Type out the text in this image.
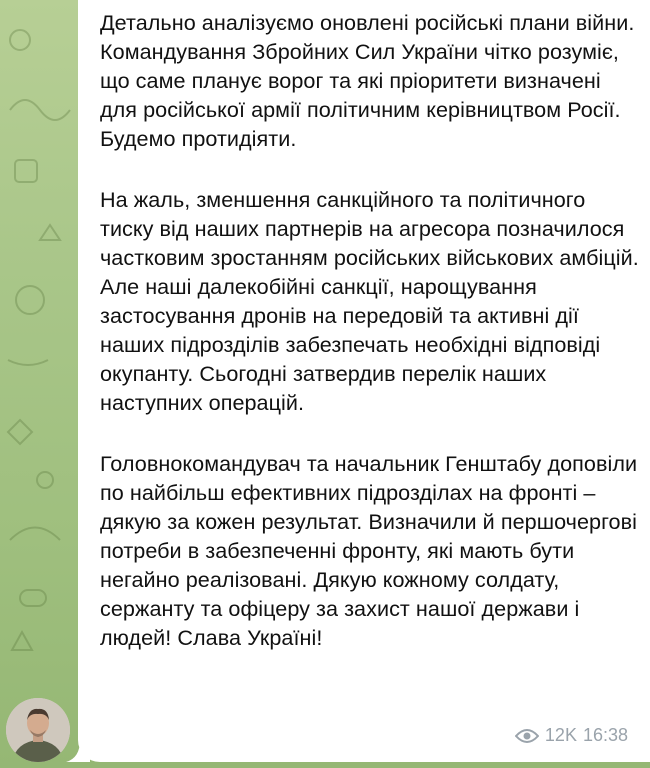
Детально аналізуємо оновлені російські плани війни. Командування Збройних Сил України чітко розуміє, що саме планує ворог та які пріоритети визначені для російської армії політичним керівництвом Росії. Будемо протидіяти.

На жаль, зменшення санкційного та політичного тиску від наших партнерів на агресора позначилося частковим зростанням російських військових амбіцій. Але наші далекобійні санкції, нарощування застосування дронів на передовій та активні дії наших підрозділів забезпечать необхідні відповіді окупанту. Сьогодні затвердив перелік наших наступних операцій.

Головнокомандувач та начальник Генштабу доповіли по найбільш ефективних підрозділах на фронті – дякую за кожен результат. Визначили й першочергові потреби в забезпеченні фронту, які мають бути негайно реалізовані. Дякую кожному солдату, сержанту та офіцеру за захист нашої держави і людей! Слава Україні!

12K 16:38
